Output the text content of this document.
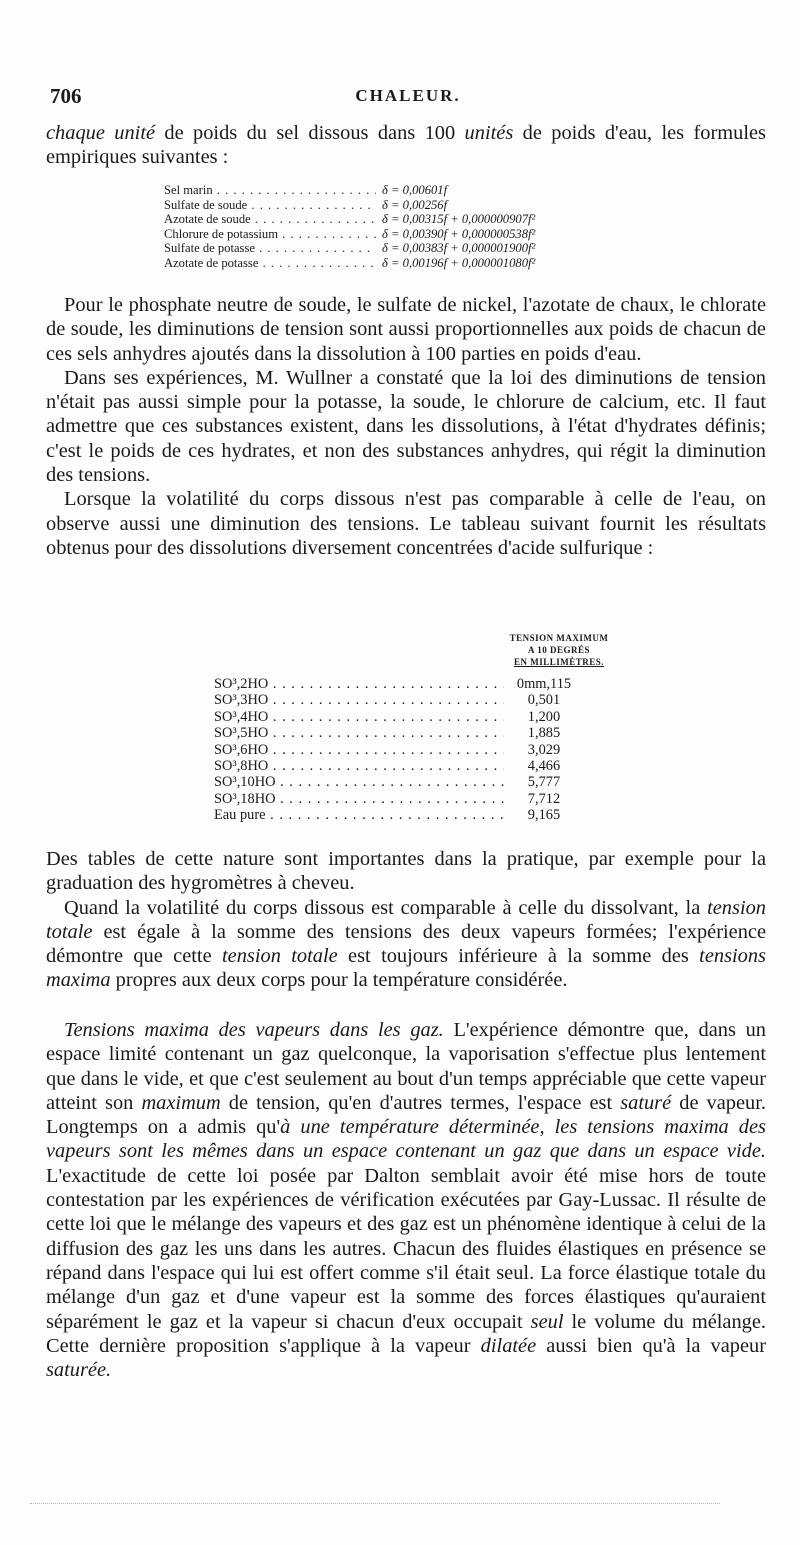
706	CHALEUR.

chaque unité de poids du sel dissous dans 100 unités de poids d'eau, les formules empiriques suivantes :

Sel marin . . .	δ = 0,00601f
Sulfate de soude . . .	δ = 0,00256f
Azotate de soude . . .	δ = 0,00315f + 0,000000907f²
Chlorure de potassium . . .	δ = 0,00390f + 0,000000538f²
Sulfate de potasse . . .	δ = 0,00383f + 0,000001900f²
Azotate de potasse . . .	δ = 0,00196f + 0,000001080f²

Pour le phosphate neutre de soude, le sulfate de nickel, l'azotate de chaux, le chlorate de soude, les diminutions de tension sont aussi proportionnelles aux poids de chacun de ces sels anhydres ajoutés dans la dissolution à 100 parties en poids d'eau.

Dans ses expériences, M. Wullner a constaté que la loi des diminutions de tension n'était pas aussi simple pour la potasse, la soude, le chlorure de calcium, etc. Il faut admettre que ces substances existent, dans les dissolutions, à l'état d'hydrates définis; c'est le poids de ces hydrates, et non des substances anhydres, qui régit la diminution des tensions.

Lorsque la volatilité du corps dissous n'est pas comparable à celle de l'eau, on observe aussi une diminution des tensions. Le tableau suivant fournit les résultats obtenus pour des dissolutions diversement concentrées d'acide sulfurique :

TENSION MAXIMUM
A 10 DEGRÉS
EN MILLIMÈTRES.
SO³,2HO . . .	0mm,115
SO³,3HO . . .	0,501
SO³,4HO . . .	1,200
SO³,5HO . . .	1,885
SO³,6HO . . .	3,029
SO³,8HO . . .	4,466
SO³,10HO . . .	5,777
SO³,18HO . . .	7,712
Eau pure . . .	9,165

Des tables de cette nature sont importantes dans la pratique, par exemple pour la graduation des hygromètres à cheveu.

Quand la volatilité du corps dissous est comparable à celle du dissolvant, la tension totale est égale à la somme des tensions des deux vapeurs formées; l'expérience démontre que cette tension totale est toujours inférieure à la somme des tensions maxima propres aux deux corps pour la température considérée.

Tensions maxima des vapeurs dans les gaz. L'expérience démontre que, dans un espace limité contenant un gaz quelconque, la vaporisation s'effectue plus lentement que dans le vide, et que c'est seulement au bout d'un temps appréciable que cette vapeur atteint son maximum de tension, qu'en d'autres termes, l'espace est saturé de vapeur. Longtemps on a admis qu'à une température déterminée, les tensions maxima des vapeurs sont les mêmes dans un espace contenant un gaz que dans un espace vide. L'exactitude de cette loi posée par Dalton semblait avoir été mise hors de toute contestation par les expériences de vérification exécutées par Gay-Lussac. Il résulte de cette loi que le mélange des vapeurs et des gaz est un phénomène identique à celui de la diffusion des gaz les uns dans les autres. Chacun des fluides élastiques en présence se répand dans l'espace qui lui est offert comme s'il était seul. La force élastique totale du mélange d'un gaz et d'une vapeur est la somme des forces élastiques qu'auraient séparément le gaz et la vapeur si chacun d'eux occupait seul le volume du mélange. Cette dernière proposition s'applique à la vapeur dilatée aussi bien qu'à la vapeur saturée.
